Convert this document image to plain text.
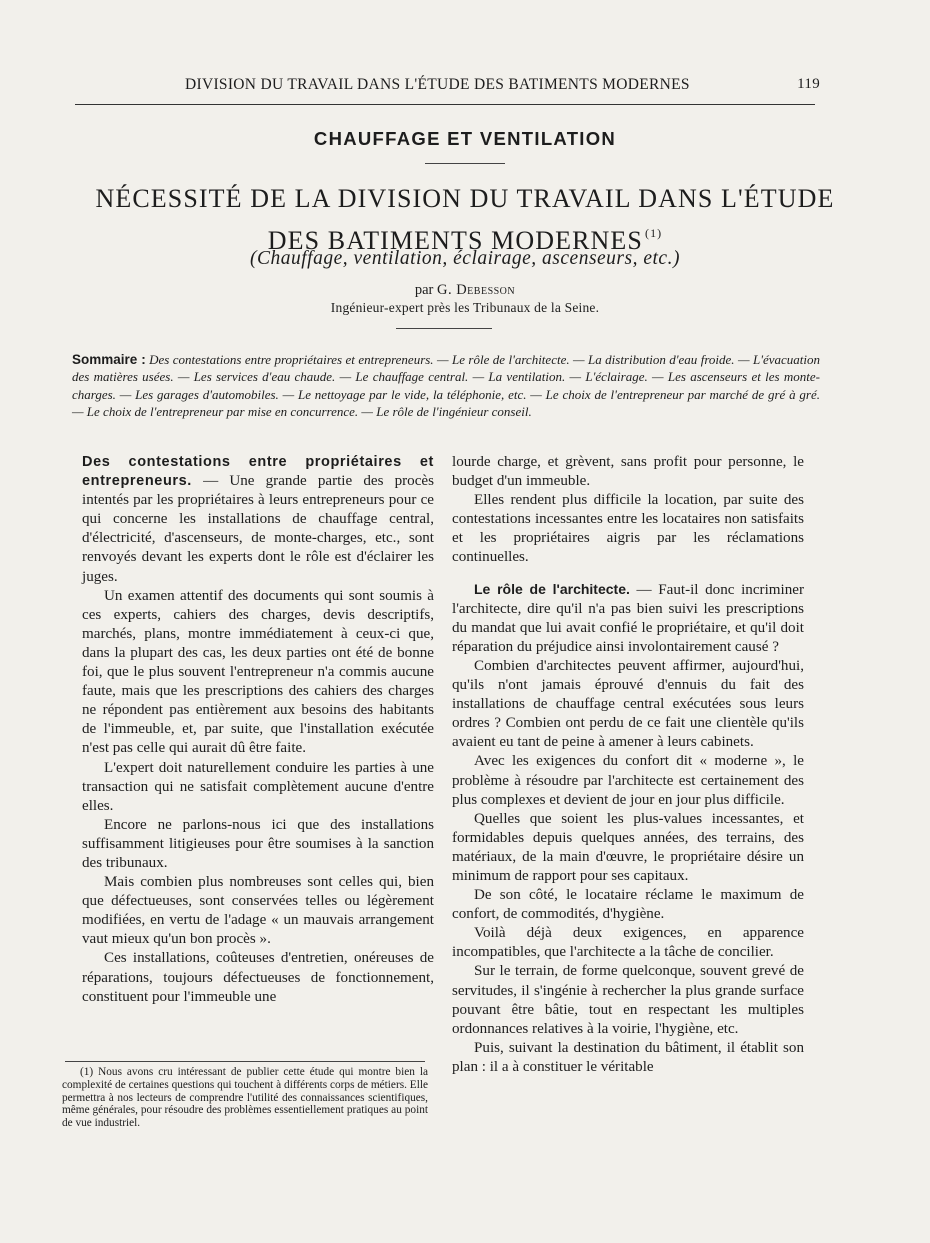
DIVISION DU TRAVAIL DANS L'ÉTUDE DES BATIMENTS MODERNES	119
CHAUFFAGE ET VENTILATION
NÉCESSITÉ DE LA DIVISION DU TRAVAIL DANS L'ÉTUDE
DES BATIMENTS MODERNES $^{(1)}$
(Chauffage, ventilation, éclairage, ascenseurs, etc.)
par G. Debesson
Ingénieur-expert près les Tribunaux de la Seine.
Sommaire : Des contestations entre propriétaires et entrepreneurs. — Le rôle de l'architecte. — La distribution d'eau froide. — L'évacuation des matières usées. — Les services d'eau chaude. — Le chauffage central. — La ventilation. — L'éclairage. — Les ascenseurs et les monte-charges. — Les garages d'automobiles. — Le nettoyage par le vide, la téléphonie, etc. — Le choix de l'entrepreneur par marché de gré à gré. — Le choix de l'entrepreneur par mise en concurrence. — Le rôle de l'ingénieur conseil.

Des contestations entre propriétaires et entrepreneurs. — Une grande partie des procès intentés par les propriétaires à leurs entrepreneurs pour ce qui concerne les installations de chauffage central, d'électricité, d'ascenseurs, de monte-charges, etc., sont renvoyés devant les experts dont le rôle est d'éclairer les juges.

Un examen attentif des documents qui sont soumis à ces experts, cahiers des charges, devis descriptifs, marchés, plans, montre immédiatement à ceux-ci que, dans la plupart des cas, les deux parties ont été de bonne foi, que le plus souvent l'entrepreneur n'a commis aucune faute, mais que les prescriptions des cahiers des charges ne répondent pas entièrement aux besoins des habitants de l'immeuble, et, par suite, que l'installation exécutée n'est pas celle qui aurait dû être faite.

L'expert doit naturellement conduire les parties à une transaction qui ne satisfait complètement aucune d'entre elles.

Encore ne parlons-nous ici que des installations suffisamment litigieuses pour être soumises à la sanction des tribunaux.

Mais combien plus nombreuses sont celles qui, bien que défectueuses, sont conservées telles ou légèrement modifiées, en vertu de l'adage « un mauvais arrangement vaut mieux qu'un bon procès ».

Ces installations, coûteuses d'entretien, onéreuses de réparations, toujours défectueuses de fonctionnement, constituent pour l'immeuble une

lourde charge, et grèvent, sans profit pour personne, le budget d'un immeuble.

Elles rendent plus difficile la location, par suite des contestations incessantes entre les locataires non satisfaits et les propriétaires aigris par les réclamations continuelles.

Le rôle de l'architecte. — Faut-il donc incriminer l'architecte, dire qu'il n'a pas bien suivi les prescriptions du mandat que lui avait confié le propriétaire, et qu'il doit réparation du préjudice ainsi involontairement causé ?

Combien d'architectes peuvent affirmer, aujourd'hui, qu'ils n'ont jamais éprouvé d'ennuis du fait des installations de chauffage central exécutées sous leurs ordres ? Combien ont perdu de ce fait une clientèle qu'ils avaient eu tant de peine à amener à leurs cabinets.

Avec les exigences du confort dit « moderne », le problème à résoudre par l'architecte est certainement des plus complexes et devient de jour en jour plus difficile.

Quelles que soient les plus-values incessantes, et formidables depuis quelques années, des terrains, des matériaux, de la main d'œuvre, le propriétaire désire un minimum de rapport pour ses capitaux.

De son côté, le locataire réclame le maximum de confort, de commodités, d'hygiène.

Voilà déjà deux exigences, en apparence incompatibles, que l'architecte a la tâche de concilier.

Sur le terrain, de forme quelconque, souvent grevé de servitudes, il s'ingénie à rechercher la plus grande surface pouvant être bâtie, tout en respectant les multiples ordonnances relatives à la voirie, l'hygiène, etc.

Puis, suivant la destination du bâtiment, il établit son plan : il a à constituer le véritable

(1) Nous avons cru intéressant de publier cette étude qui montre bien la complexité de certaines questions qui touchent à différents corps de métiers. Elle permettra à nos lecteurs de comprendre l'utilité des connaissances scientifiques, même générales, pour résoudre des problèmes essentiellement pratiques au point de vue industriel.
